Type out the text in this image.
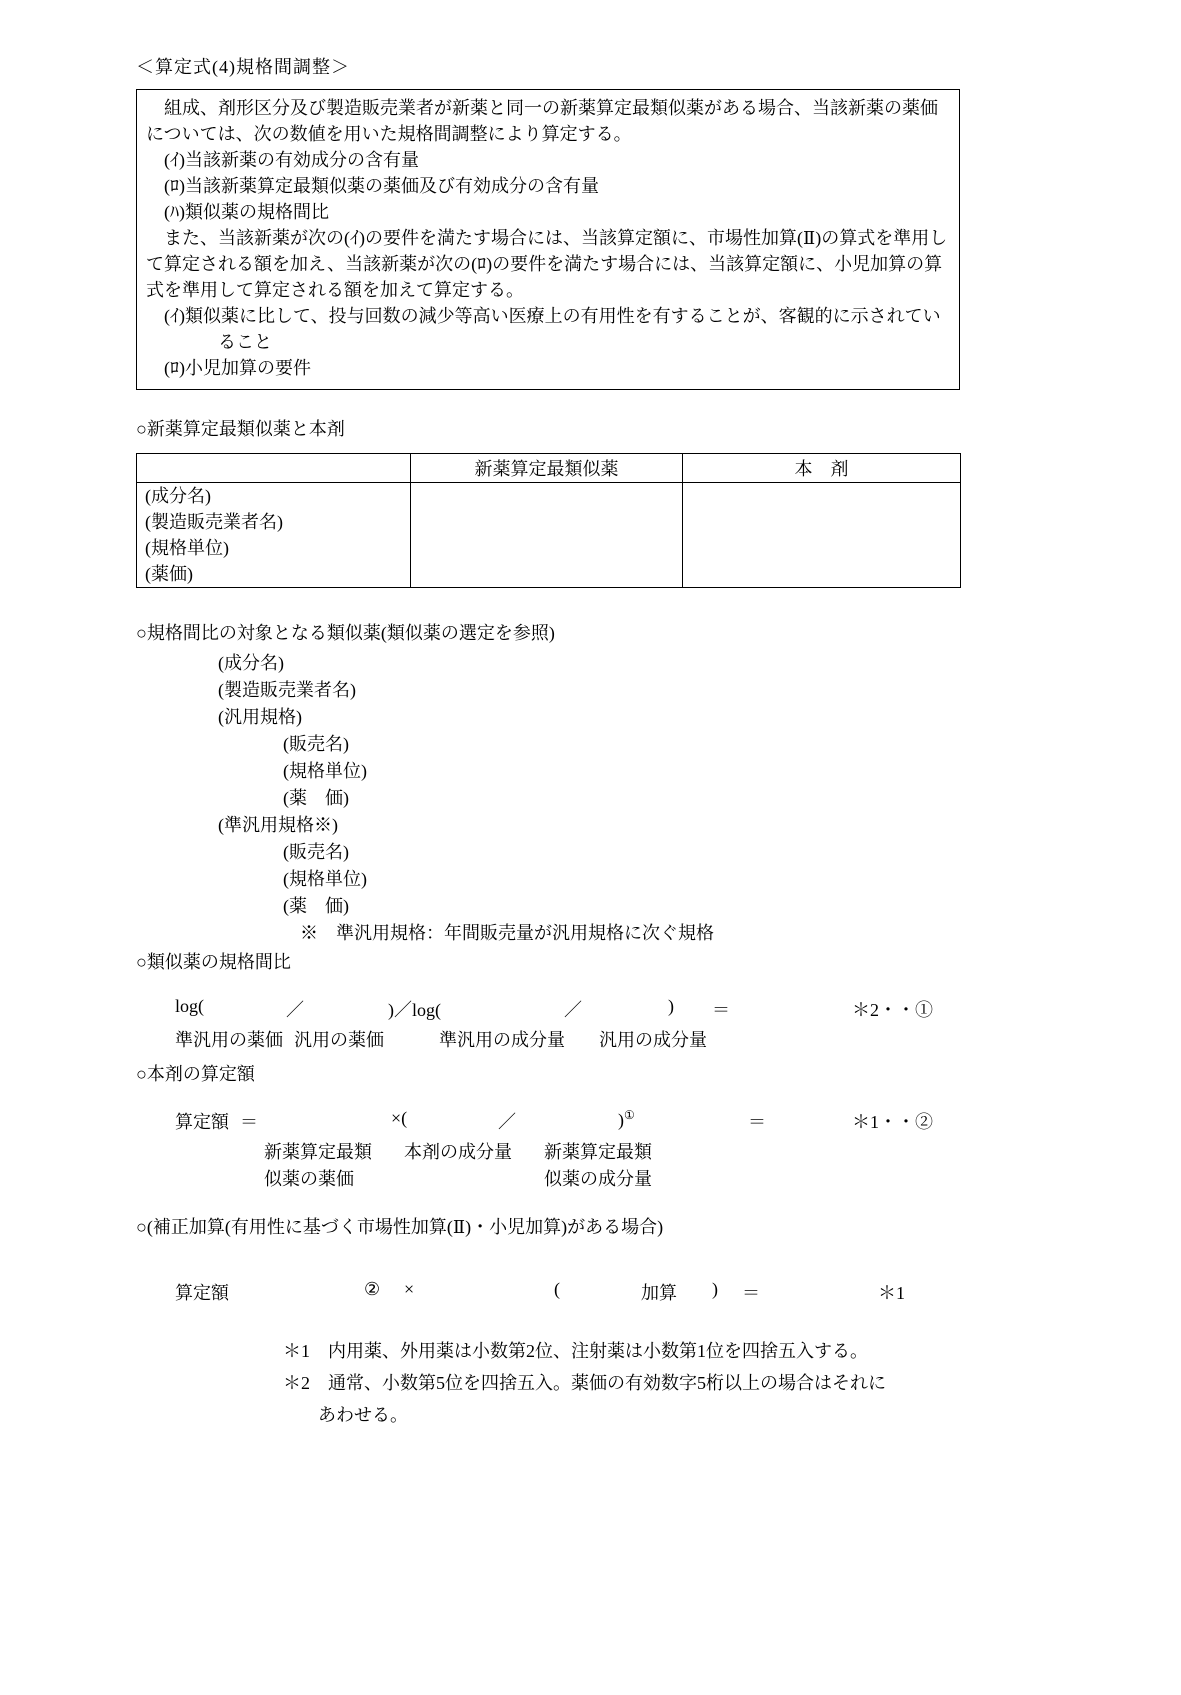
＜算定式(4)規格間調整＞

組成、剤形区分及び製造販売業者が新薬と同一の新薬算定最類似薬がある場合、当該新薬の薬価については、次の数値を用いた規格間調整により算定する。

(ｲ)当該新薬の有効成分の含有量
(ﾛ)当該新薬算定最類似薬の薬価及び有効成分の含有量
(ﾊ)類似薬の規格間比

また、当該新薬が次の(ｲ)の要件を満たす場合には、当該算定額に、市場性加算(Ⅱ)の算式を準用して算定される額を加え、当該新薬が次の(ﾛ)の要件を満たす場合には、当該算定額に、小児加算の算式を準用して算定される額を加えて算定する。

(ｲ)類似薬に比して、投与回数の減少等高い医療上の有用性を有することが、客観的に示されていること
(ﾛ)小児加算の要件
○新薬算定最類似薬と本剤
	新薬算定最類似薬	本　剤

(成分名)
(製造販売業者名)
(規格単位)
(薬価)		

○規格間比の対象となる類似薬(類似薬の選定を参照)
(成分名)
(製造販売業者名)
(汎用規格)
(販売名)
(規格単位)
(薬　価)
(準汎用規格※)
(販売名)
(規格単位)
(薬　価)
※　準汎用規格：年間販売量が汎用規格に次ぐ規格
○類似薬の規格間比
log(	／	)／log(	／	) ＝	＊2・・①
準汎用の薬価 汎用の薬価	準汎用の成分量 汎用の成分量
○本剤の算定額
算定額 ＝	×(	／	)①	＝	＊1・・②
新薬算定最類 本剤の成分量 新薬算定最類
似薬の薬価	似薬の成分量
○(補正加算(有用性に基づく市場性加算(Ⅱ)・小児加算)がある場合)
算定額	② ×	(	加算 ) ＝	＊1
＊1　内用薬、外用薬は小数第2位、注射薬は小数第1位を四捨五入する。
＊2　通常、小数第5位を四捨五入。薬価の有効数字5桁以上の場合はそれに
あわせる。
